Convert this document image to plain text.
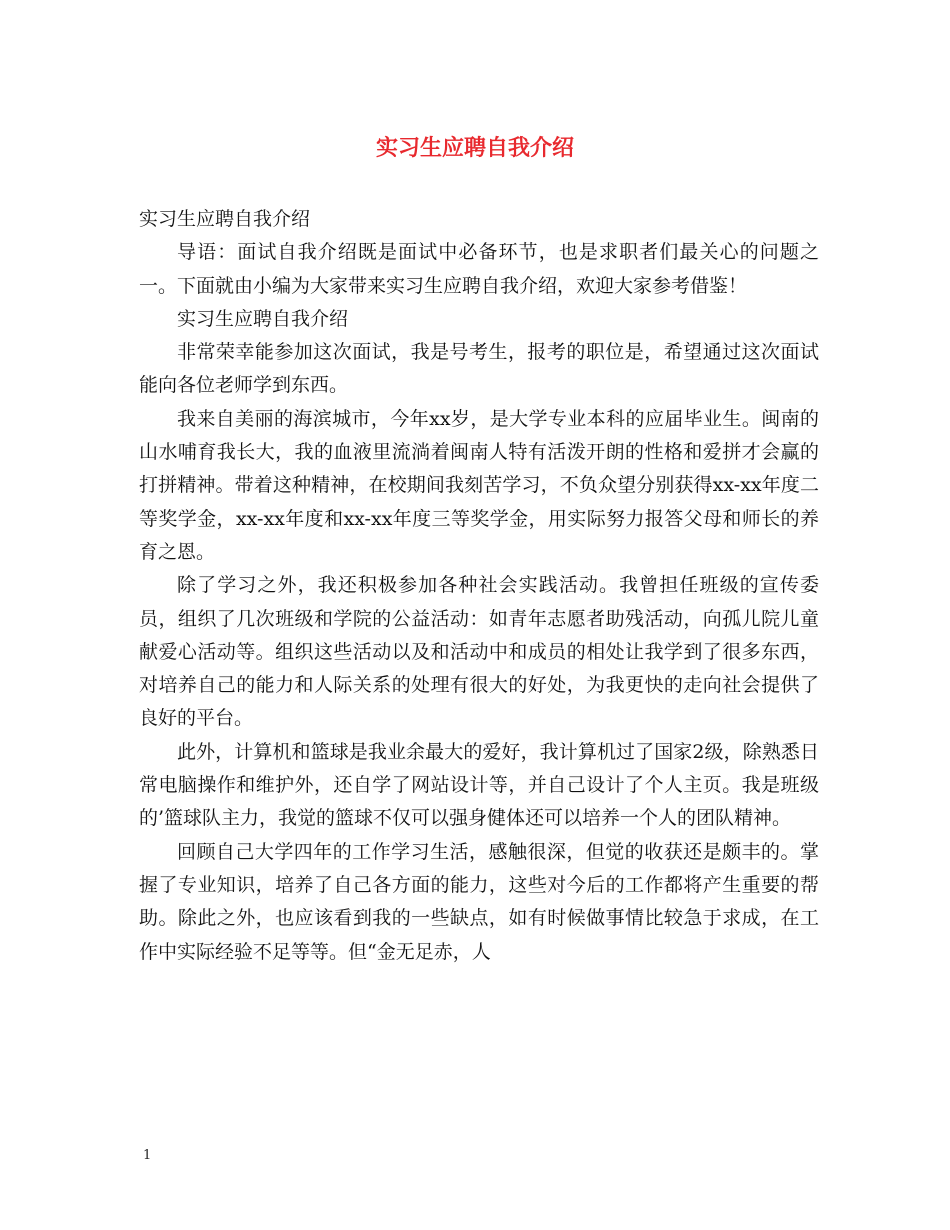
实习生应聘自我介绍

实习生应聘自我介绍

导语：面试自我介绍既是面试中必备环节，也是求职者们最关心的问题之一。下面就由小编为大家带来实习生应聘自我介绍，欢迎大家参考借鉴！

实习生应聘自我介绍

非常荣幸能参加这次面试，我是号考生，报考的职位是，希望通过这次面试能向各位老师学到东西。

我来自美丽的海滨城市，今年xx岁，是大学专业本科的应届毕业生。闽南的山水哺育我长大，我的血液里流淌着闽南人特有活泼开朗的性格和爱拼才会赢的打拼精神。带着这种精神，在校期间我刻苦学习，不负众望分别获得xx-xx年度二等奖学金，xx-xx年度和xx-xx年度三等奖学金，用实际努力报答父母和师长的养育之恩。

除了学习之外，我还积极参加各种社会实践活动。我曾担任班级的宣传委员，组织了几次班级和学院的公益活动：如青年志愿者助残活动，向孤儿院儿童献爱心活动等。组织这些活动以及和活动中和成员的相处让我学到了很多东西，对培养自己的能力和人际关系的处理有很大的好处，为我更快的走向社会提供了良好的平台。

此外，计算机和篮球是我业余最大的爱好，我计算机过了国家2级，除熟悉日常电脑操作和维护外，还自学了网站设计等，并自己设计了个人主页。我是班级的’篮球队主力，我觉的篮球不仅可以强身健体还可以培养一个人的团队精神。

回顾自己大学四年的工作学习生活，感触很深，但觉的收获还是颇丰的。掌握了专业知识，培养了自己各方面的能力，这些对今后的工作都将产生重要的帮助。除此之外，也应该看到我的一些缺点，如有时候做事情比较急于求成，在工作中实际经验不足等等。但“金无足赤，人

1
